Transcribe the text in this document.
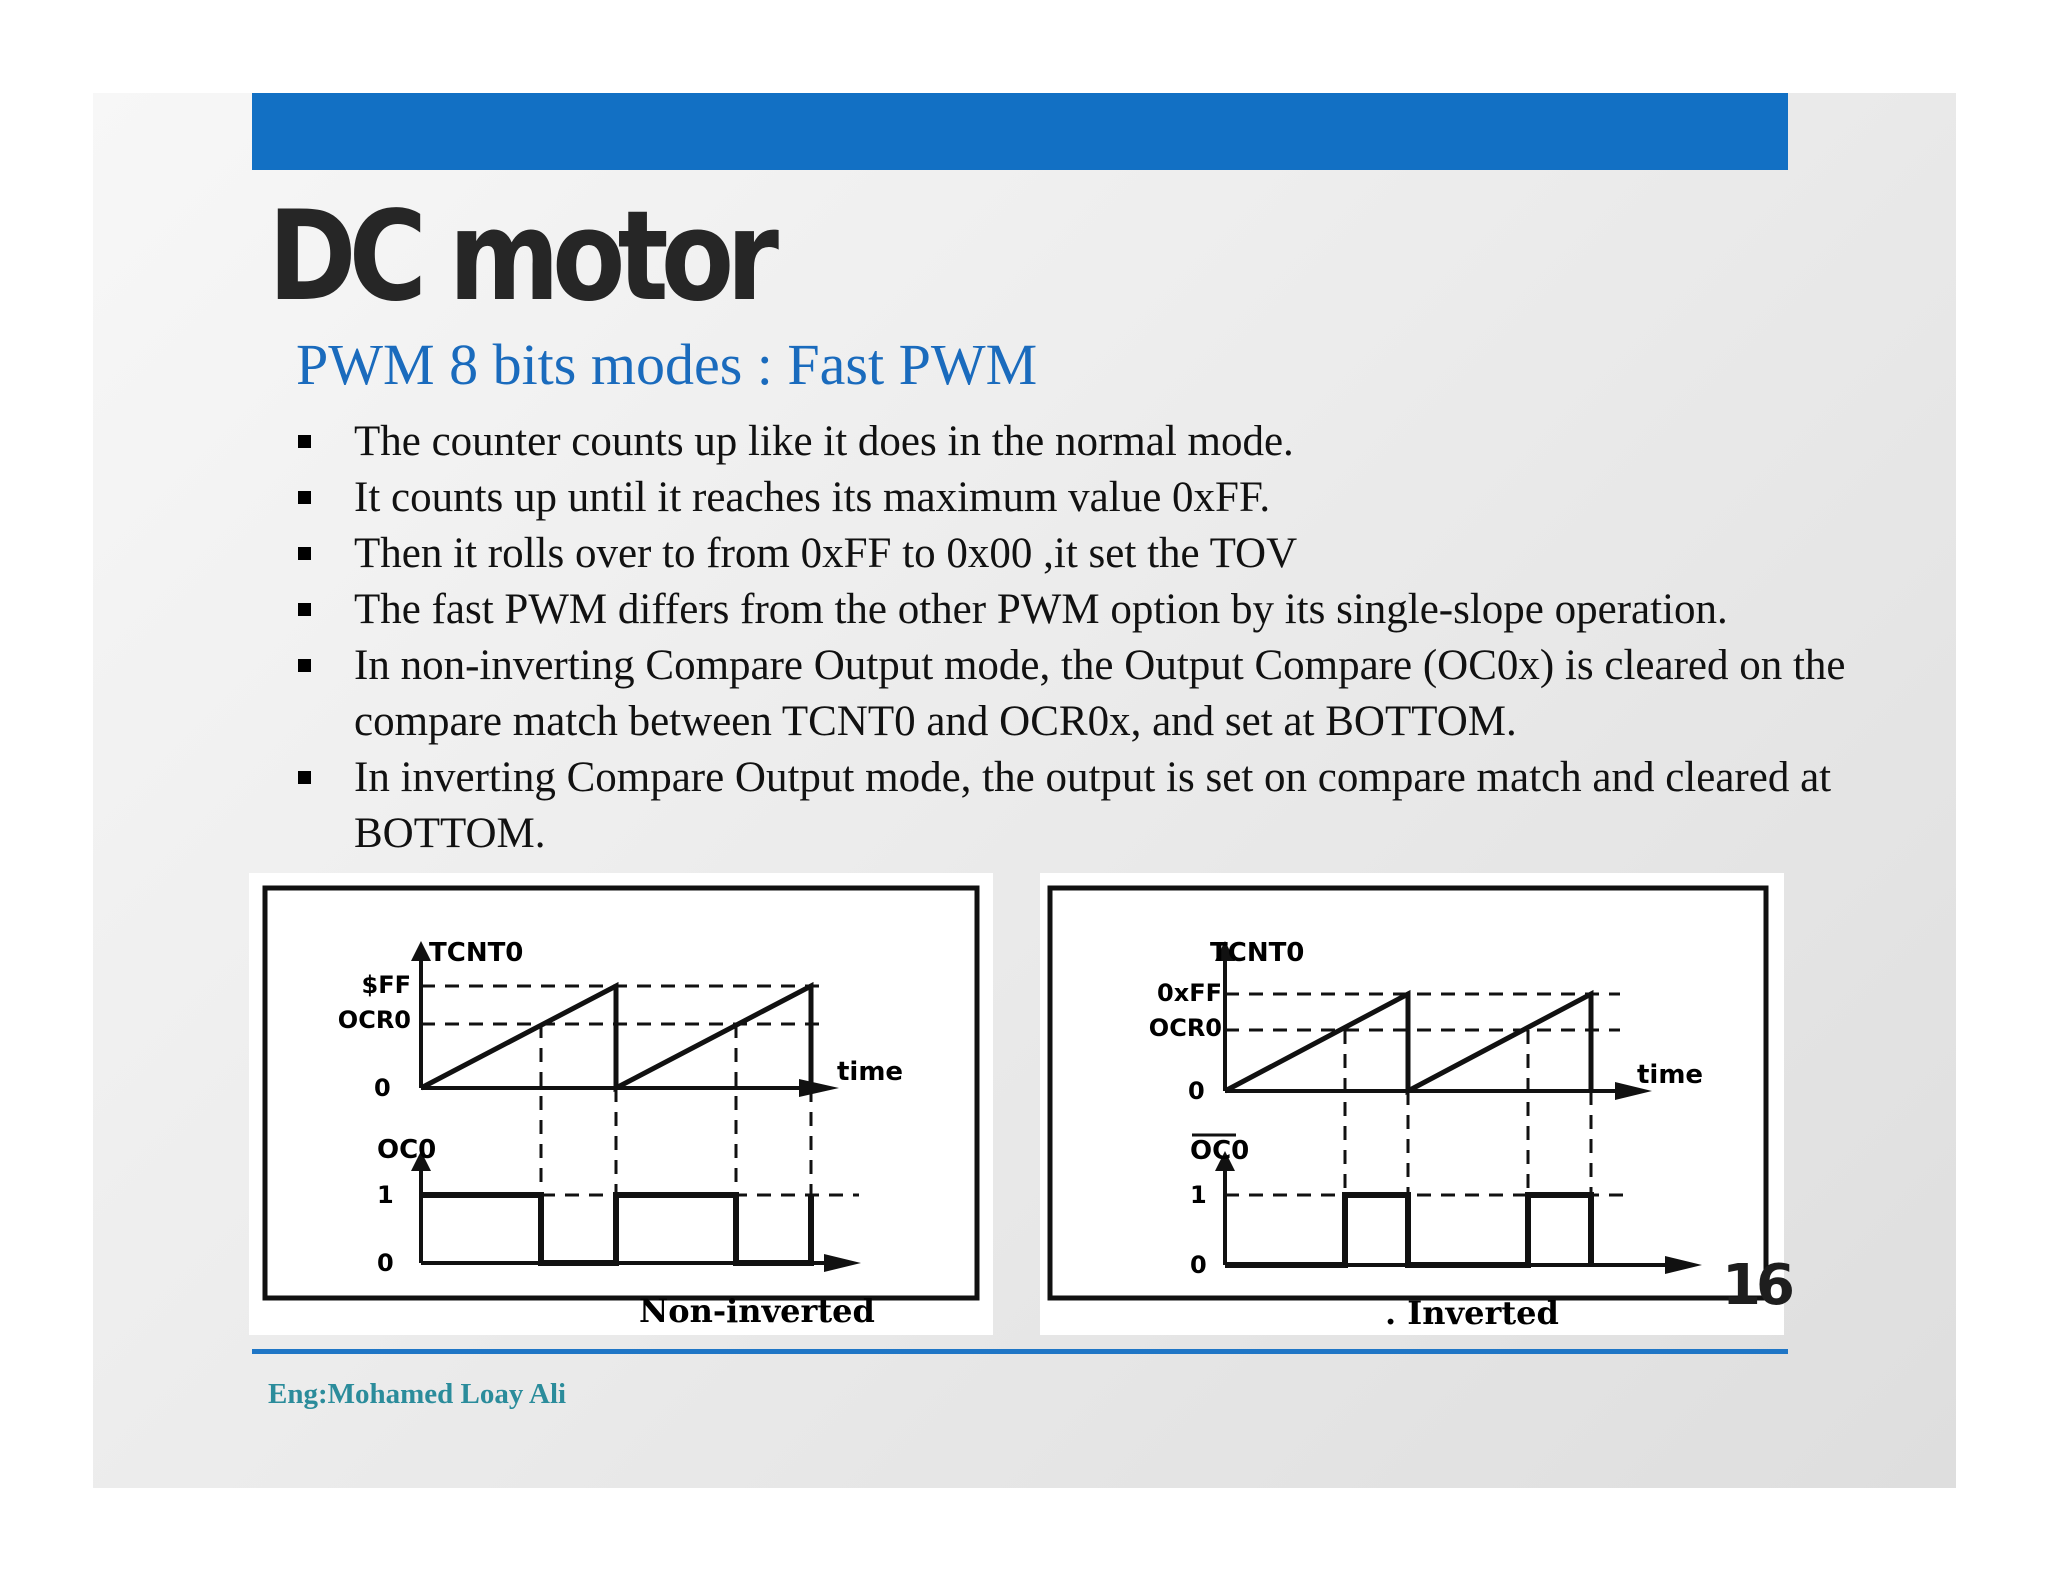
DC motor
PWM 8 bits modes : Fast PWM
The counter counts up like it does in the normal mode.
It counts up until it reaches its maximum value 0xFF.
Then it rolls over to from 0xFF to 0x00 ,it set the TOV
The fast PWM differs from the other PWM option by its single-slope operation.
In non-inverting Compare Output mode, the Output Compare (OC0x) is cleared on the compare match between TCNT0 and OCR0x, and set at BOTTOM.
In inverting Compare Output mode, the output is set on compare match and cleared at BOTTOM.
TCNT0
$FF
OCR0
0
time
OC0
1
0
Non-inverted
TCNT0
0xFF
OCR0
0
time
OC0
1
0
. Inverted	16

Eng:Mohamed Loay Ali
